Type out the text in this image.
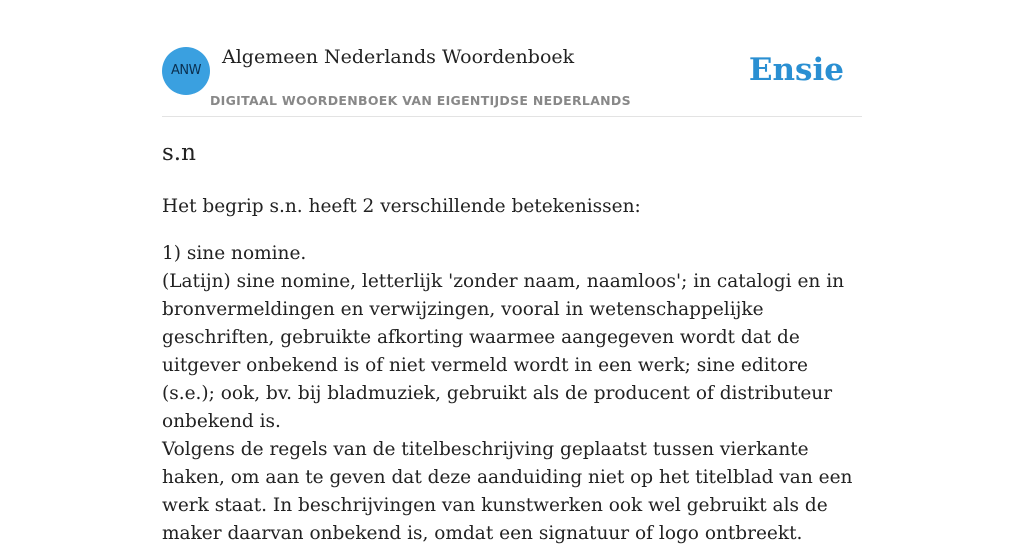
ANW
Algemeen Nederlands Woordenboek
DIGITAAL WOORDENBOEK VAN EIGENTIJDSE NEDERLANDS
Ensie
s.n

Het begrip s.n. heeft 2 verschillende betekenissen:

1) sine nomine.
(Latijn) sine nomine, letterlijk 'zonder naam, naamloos'; in catalogi en in bronvermeldingen en verwijzingen, vooral in wetenschappelijke geschriften, gebruikte afkorting waarmee aangegeven wordt dat de uitgever onbekend is of niet vermeld wordt in een werk; sine editore (s.e.); ook, bv. bij bladmuziek, gebruikt als de producent of distributeur onbekend is.
Volgens de regels van de titelbeschrijving geplaatst tussen vierkante haken, om aan te geven dat deze aanduiding niet op het titelblad van een werk staat. In beschrijvingen van kunstwerken ook wel gebruikt als de maker daarvan onbekend is, omdat een signatuur of logo ontbreekt.
